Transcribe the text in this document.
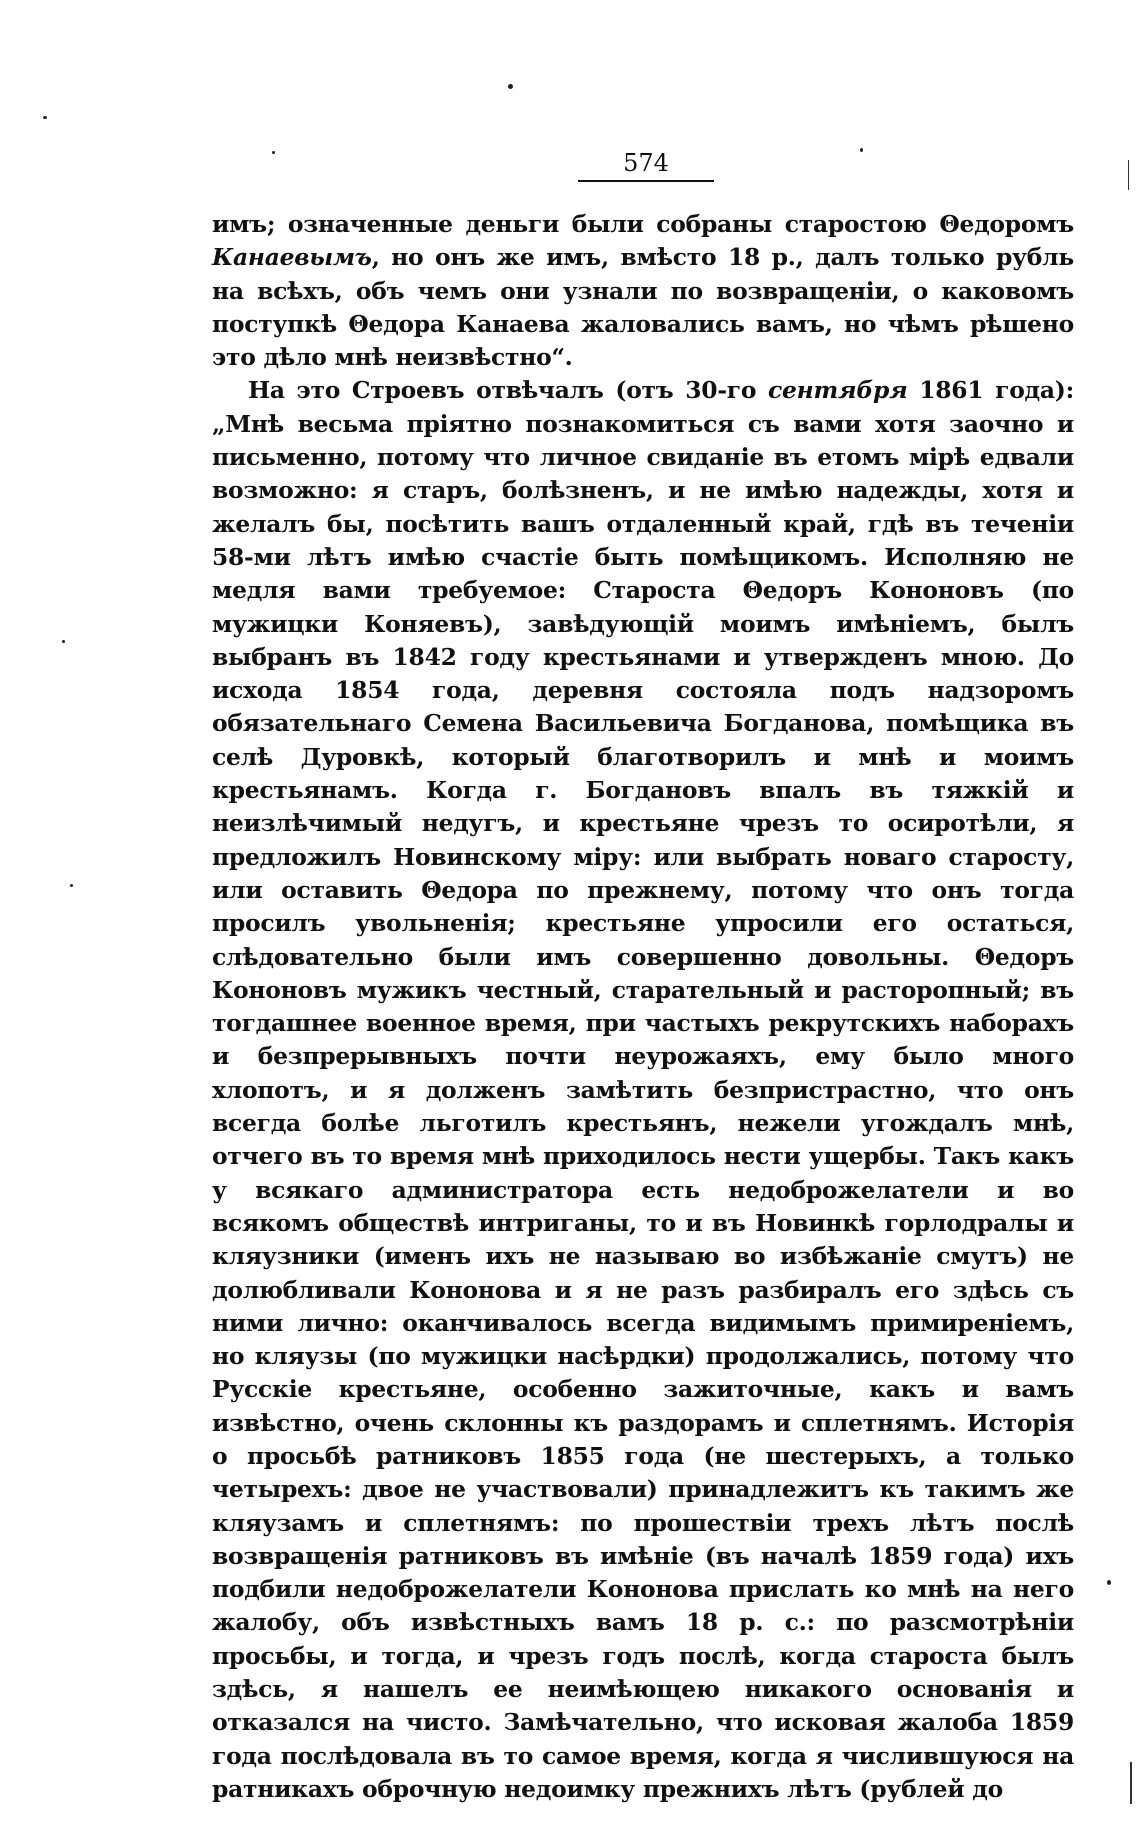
574

имъ; означенные деньги были собраны старостою Θедоромъ Канаевымъ, но онъ же имъ, вмѣсто 18 р., далъ только рубль на всѣхъ, объ чемъ они узнали по возвращеніи, о каковомъ поступкѣ Θедора Канаева жаловались вамъ, но чѣмъ рѣшено это дѣло мнѣ неизвѣстно“.

На это Строевъ отвѣчалъ (отъ 30-го сентября 1861 года): „Мнѣ весьма пріятно познакомиться съ вами хотя заочно и письменно, потому что личное свиданіе въ етомъ мірѣ едвали возможно: я старъ, болѣзненъ, и не имѣю надежды, хотя и желалъ бы, посѣтить вашъ отдаленный край, гдѣ въ теченіи 58-ми лѣтъ имѣю счастіе быть помѣщикомъ. Исполняю не медля вами требуемое: Староста Θедоръ Кононовъ (по мужицки Коняевъ), завѣдующій моимъ имѣніемъ, былъ выбранъ въ 1842 году крестьянами и утвержденъ мною. До исхода 1854 года, деревня состояла подъ надзоромъ обязательнаго Семена Васильевича Богданова, помѣщика въ селѣ Дуровкѣ, который благотворилъ и мнѣ и моимъ крестьянамъ. Когда г. Богдановъ впалъ въ тяжкій и неизлѣчимый недугъ, и крестьяне чрезъ то осиротѣли, я предложилъ Новинскому міру: или выбрать новаго старосту, или оставить Θедора по прежнему, потому что онъ тогда просилъ увольненія; крестьяне упросили его остаться, слѣдовательно были имъ совершенно довольны. Θедоръ Кононовъ мужикъ честный, старательный и расторопный; въ тогдашнее военное время, при частыхъ рекрутскихъ наборахъ и безпрерывныхъ почти неурожаяхъ, ему было много хлопотъ, и я долженъ замѣтить безпристрастно, что онъ всегда болѣе льготилъ крестьянъ, нежели угождалъ мнѣ, отчего въ то время мнѣ приходилось нести ущербы. Такъ какъ у всякаго администратора есть недоброжелатели и во всякомъ обществѣ интриганы, то и въ Новинкѣ горлодралы и кляузники (именъ ихъ не называю во избѣжаніе смутъ) не долюбливали Кононова и я не разъ разбиралъ его здѣсь съ ними лично: оканчивалось всегда видимымъ примиреніемъ, но кляузы (по мужицки насѣрдки) продолжались, потому что Русскіе крестьяне, особенно зажиточные, какъ и вамъ извѣстно, очень склонны къ раздорамъ и сплетнямъ. Исторія о просьбѣ ратниковъ 1855 года (не шестерыхъ, а только четырехъ: двое не участвовали) принадлежитъ къ такимъ же кляузамъ и сплетнямъ: по прошествіи трехъ лѣтъ послѣ возвращенія ратниковъ въ имѣніе (въ началѣ 1859 года) ихъ подбили недоброжелатели Кононова прислать ко мнѣ на него жалобу, объ извѣстныхъ вамъ 18 р. с.: по разсмотрѣніи просьбы, и тогда, и чрезъ годъ послѣ, когда староста былъ здѣсь, я нашелъ ее неимѣющею никакого основанія и отказался на чисто. Замѣчательно, что исковая жалоба 1859 года послѣдовала въ то самое время, когда я числившуюся на ратникахъ оброчную недоимку прежнихъ лѣтъ (рублей до
